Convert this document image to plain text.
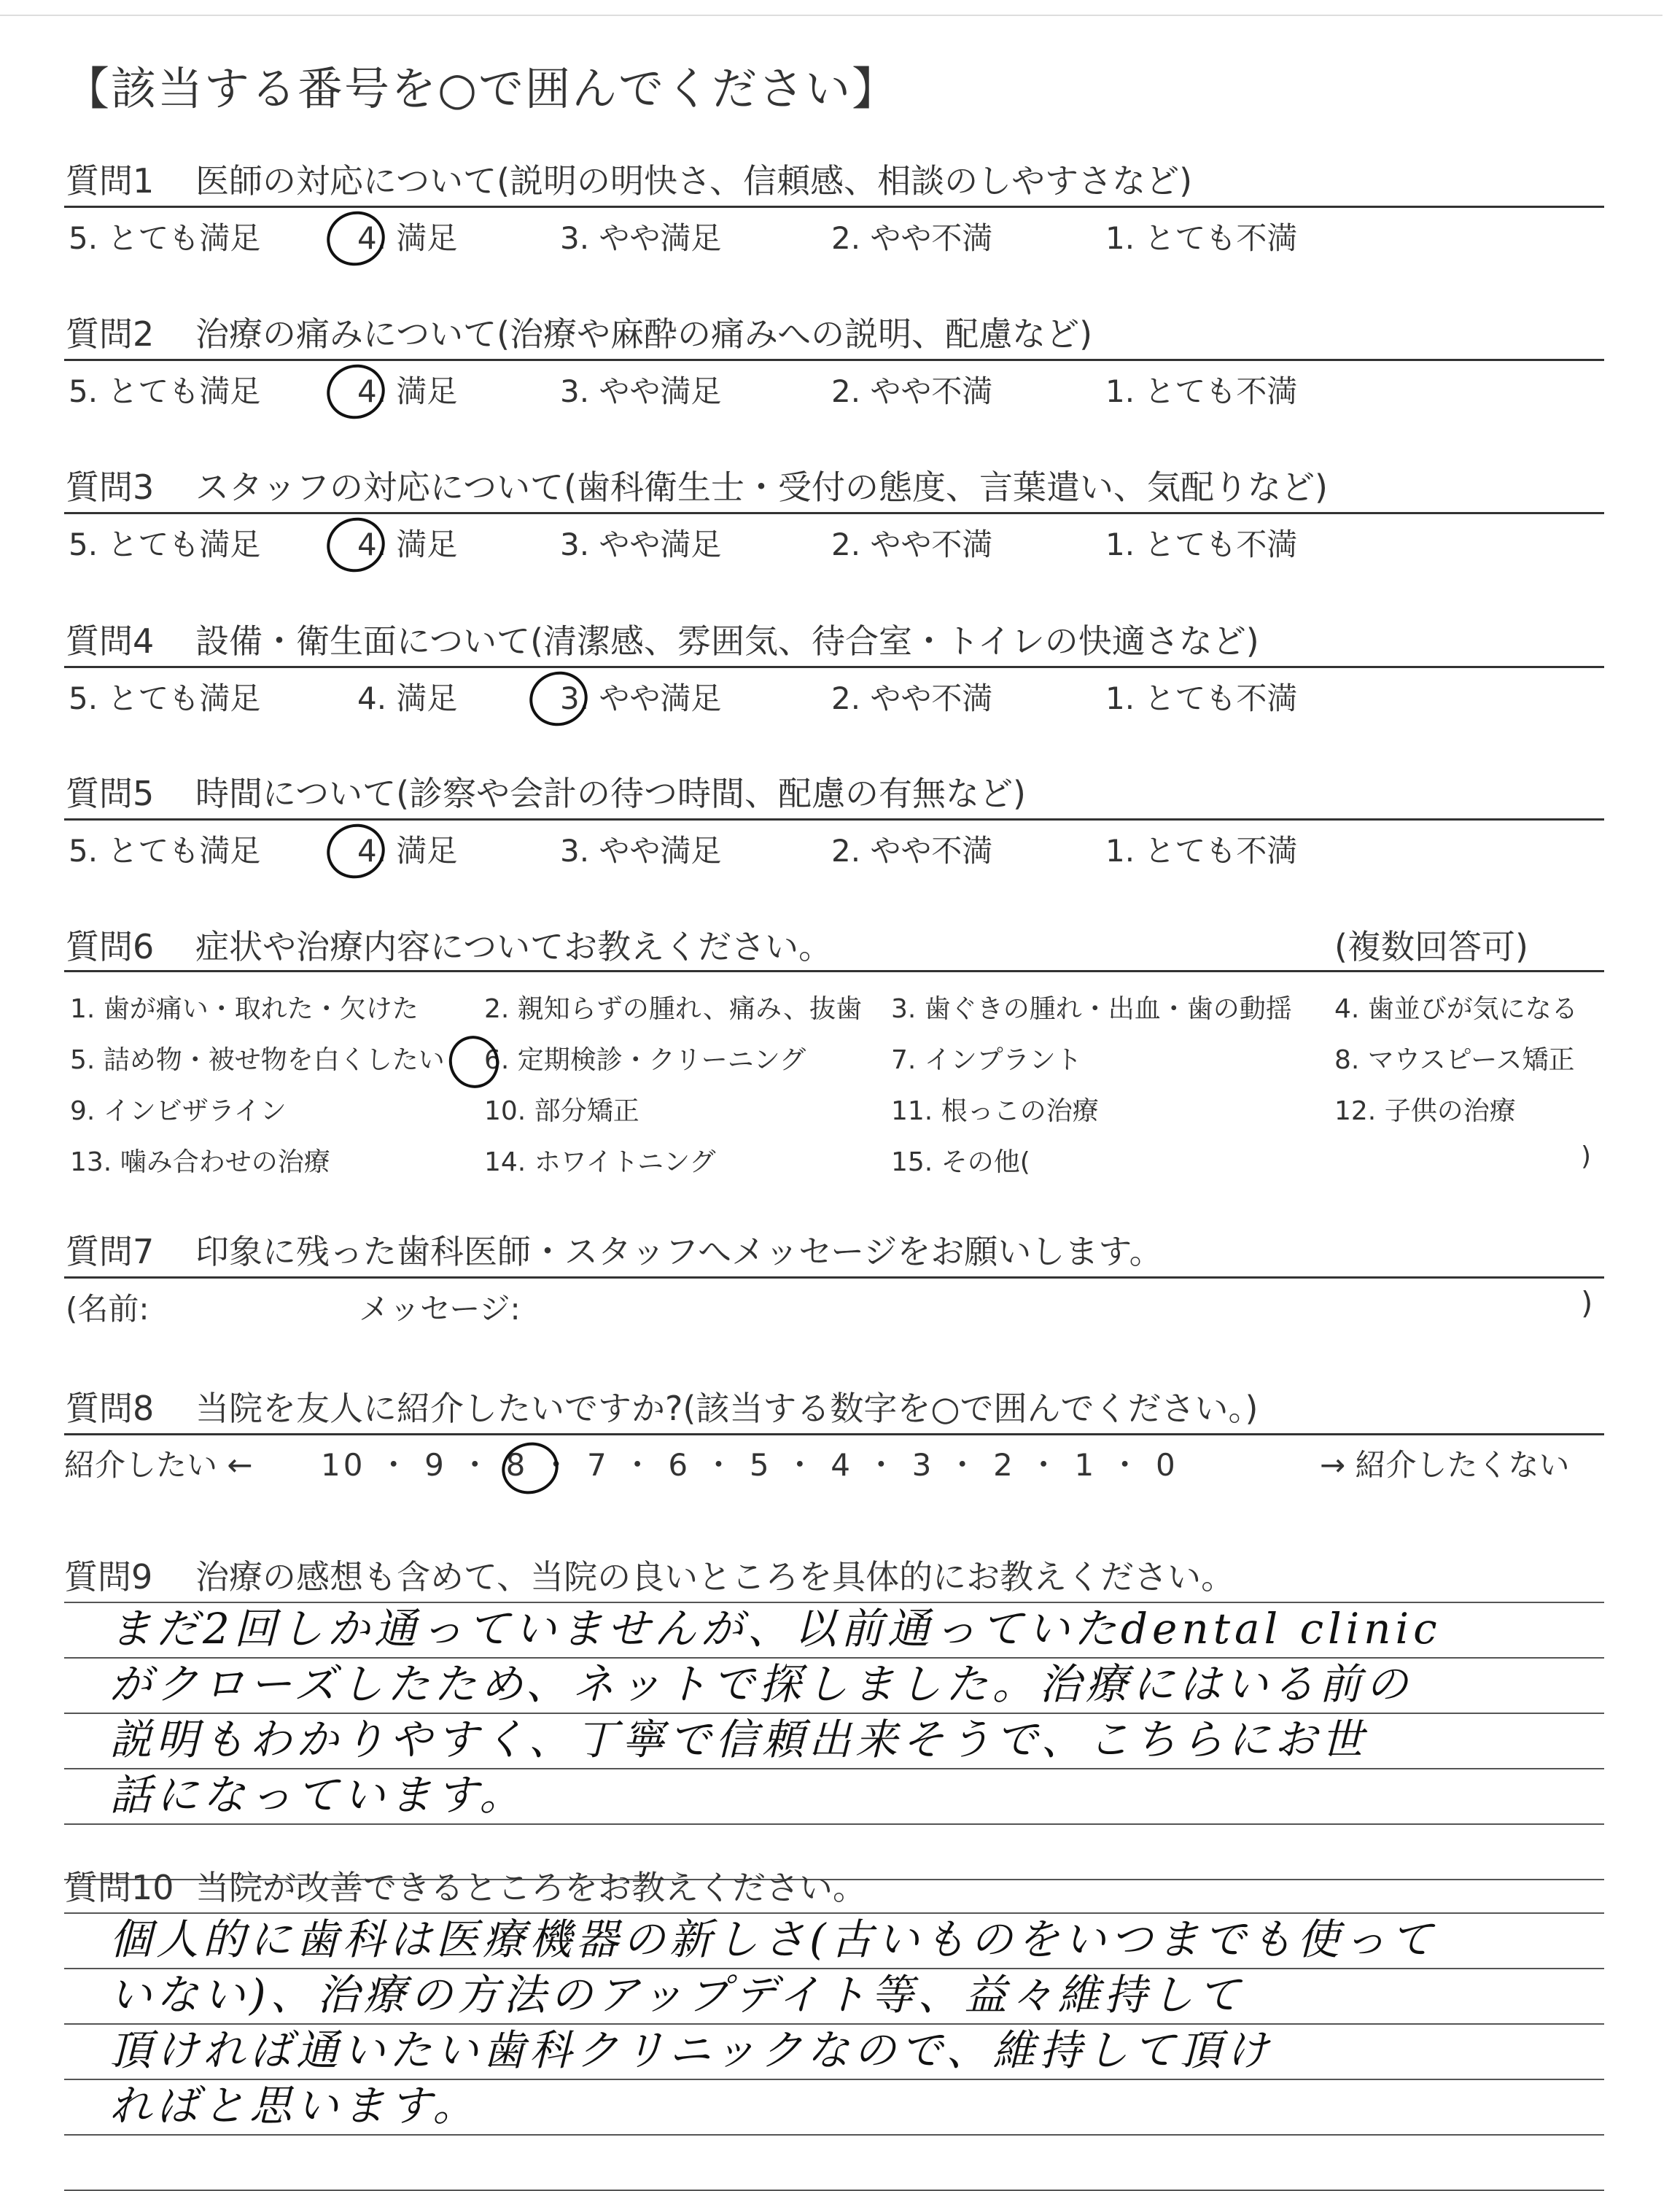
【該当する番号を○で囲んでください】
質問1 医師の対応について(説明の明快さ、信頼感、相談のしやすさなど)
5. とても満足	4. 満足	3. やや満足	2. やや不満	1. とても不満
質問2 治療の痛みについて(治療や麻酔の痛みへの説明、配慮など)
5. とても満足	4. 満足	3. やや満足	2. やや不満	1. とても不満
質問3 スタッフの対応について(歯科衛生士・受付の態度、言葉遣い、気配りなど)
5. とても満足	4. 満足	3. やや満足	2. やや不満	1. とても不満
質問4 設備・衛生面について(清潔感、雰囲気、待合室・トイレの快適さなど)
5. とても満足	4. 満足	3. やや満足	2. やや不満	1. とても不満
質問5 時間について(診察や会計の待つ時間、配慮の有無など)
5. とても満足	4. 満足	3. やや満足	2. やや不満	1. とても不満
質問6 症状や治療内容についてお教えください。	(複数回答可)
1. 歯が痛い・取れた・欠けた	2. 親知らずの腫れ、痛み、抜歯 3. 歯ぐきの腫れ・出血・歯の動揺 4. 歯並びが気になる
5. 詰め物・被せ物を白くしたい 6. 定期検診・クリーニング	7. インプラント	8. マウスピース矯正
9. インビザライン	10. 部分矯正	11. 根っこの治療	12. 子供の治療
13. 噛み合わせの治療	14. ホワイトニング	15. その他(	)
質問7 印象に残った歯科医師・スタッフへメッセージをお願いします。
(名前:	メッセージ:	)
質問8 当院を友人に紹介したいですか?(該当する数字を○で囲んでください。)
紹介したい ← 10 ・ 9 ・ 8 ・ 7 ・ 6 ・ 5 ・ 4 ・ 3 ・ 2 ・ 1 ・ 0	→ 紹介したくない
質問9 治療の感想も含めて、当院の良いところを具体的にお教えください。
まだ2回しか通っていませんが、以前通っていたdental clinic
がクローズしたため、ネットで探しました。治療にはいる前の
説明もわかりやすく、丁寧で信頼出来そうで、こちらにお世
話になっています。
質問10 当院が改善できるところをお教えください。
個人的に歯科は医療機器の新しさ(古いものをいつまでも使って
いない)、治療の方法のアップデイト等、益々維持して
頂ければ通いたい歯科クリニックなので、維持して頂け
ればと思います。
